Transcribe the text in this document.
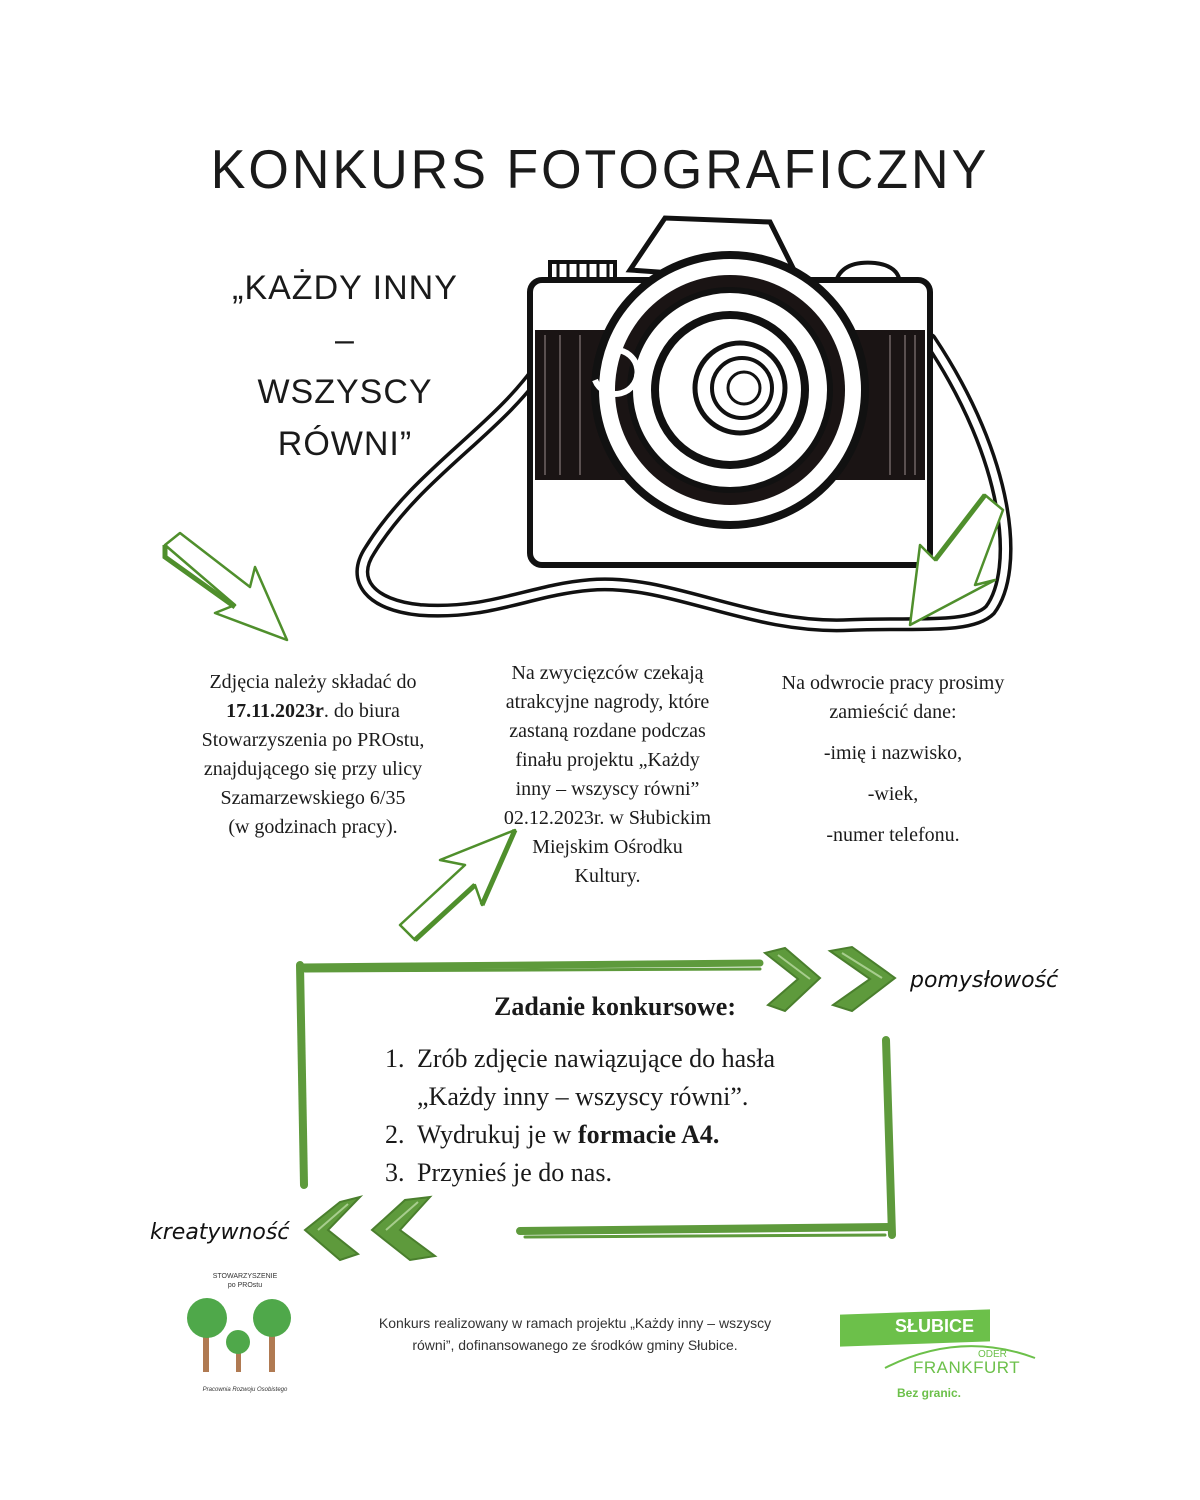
KONKURS FOTOGRAFICZNY
„KAŻDY INNY
–
WSZYSCY
RÓWNI”
Zdjęcia należy składać do
17.11.2023r. do biura
Stowarzyszenia po PROstu,
znajdującego się przy ulicy
Szamarzewskiego 6/35
(w godzinach pracy).
Na zwycięzców czekają
atrakcyjne nagrody, które
zastaną rozdane podczas
finału projektu „Każdy
inny – wszyscy równi”
02.12.2023r. w Słubickim
Miejskim Ośrodku
Kultury.
Na odwrocie pracy prosimy
zamieścić dane:
-imię i nazwisko,
-wiek,
-numer telefonu.
pomysłowość
kreatywność
Zadanie konkursowe:
1. Zrób zdjęcie nawiązujące do hasła
„Każdy inny – wszyscy równi”.
2. Wydrukuj je w formacie A4.
3. Przynieś je do nas.
STOWARZYSZENIE
po PROstu
Pracownia Rozwoju Osobistego
Konkurs realizowany w ramach projektu „Każdy inny – wszyscy
równi”, dofinansowanego ze środków gminy Słubice.
SŁUBICE
ODER
FRANKFURT
Bez granic.
